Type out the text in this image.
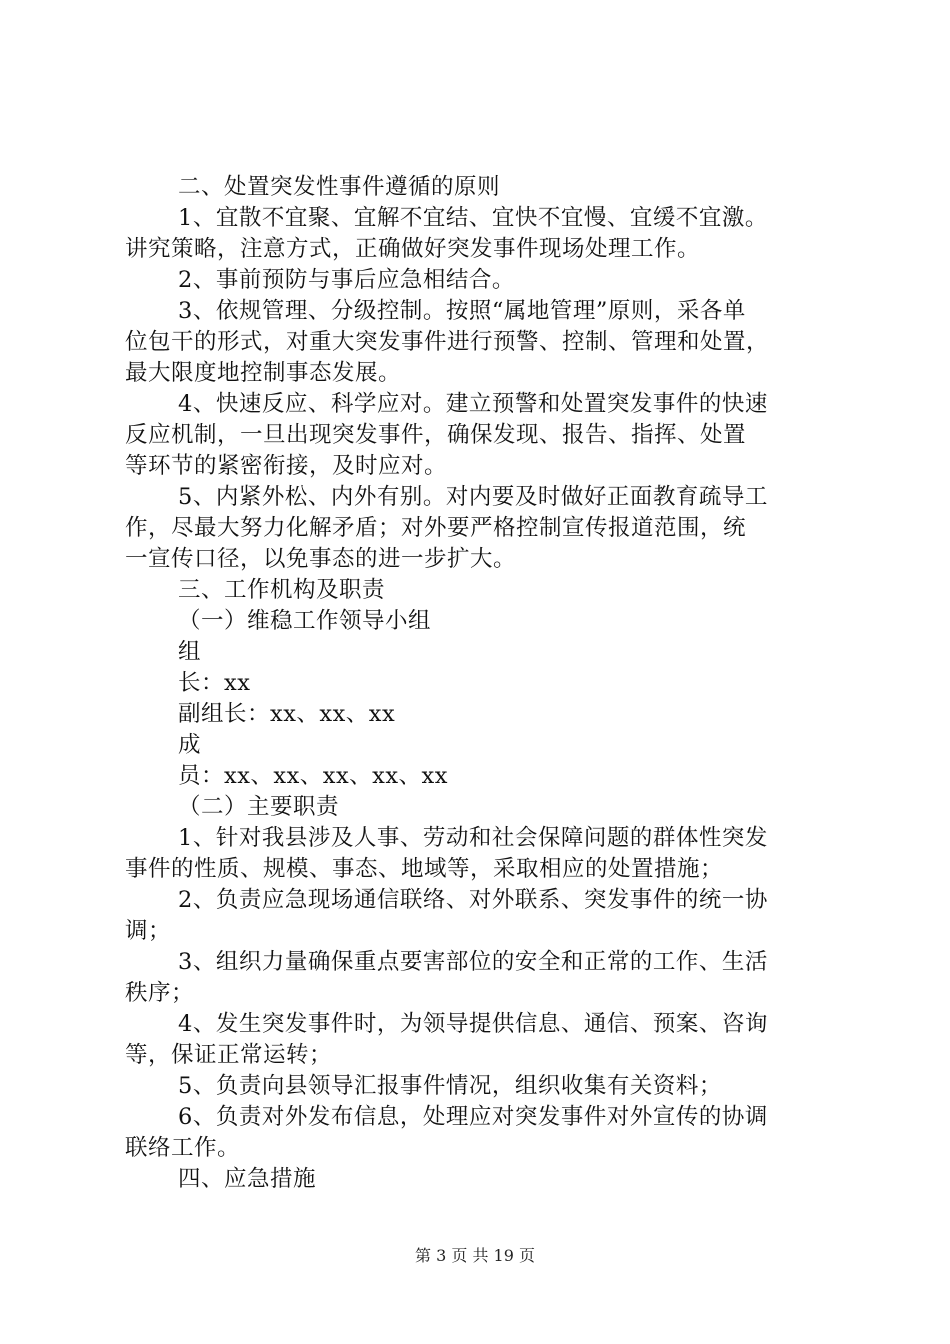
二、处置突发性事件遵循的原则
1、宜散不宜聚、宜解不宜结、宜快不宜慢、宜缓不宜激。
讲究策略，注意方式，正确做好突发事件现场处理工作。
2、事前预防与事后应急相结合。
3、依规管理、分级控制。按照“属地管理”原则，采各单
位包干的形式，对重大突发事件进行预警、控制、管理和处置，
最大限度地控制事态发展。
4、快速反应、科学应对。建立预警和处置突发事件的快速
反应机制，一旦出现突发事件，确保发现、报告、指挥、处置
等环节的紧密衔接，及时应对。
5、内紧外松、内外有别。对内要及时做好正面教育疏导工
作，尽最大努力化解矛盾；对外要严格控制宣传报道范围，统
一宣传口径，以免事态的进一步扩大。
三、工作机构及职责
（一）维稳工作领导小组
组
长：xx
副组长：xx、xx、xx
成
员：xx、xx、xx、xx、xx
（二）主要职责
1、针对我县涉及人事、劳动和社会保障问题的群体性突发
事件的性质、规模、事态、地域等，采取相应的处置措施；
2、负责应急现场通信联络、对外联系、突发事件的统一协
调；
3、组织力量确保重点要害部位的安全和正常的工作、生活
秩序；
4、发生突发事件时，为领导提供信息、通信、预案、咨询
等，保证正常运转；
5、负责向县领导汇报事件情况，组织收集有关资料；
6、负责对外发布信息，处理应对突发事件对外宣传的协调
联络工作。
四、应急措施
第 3 页 共 19 页
